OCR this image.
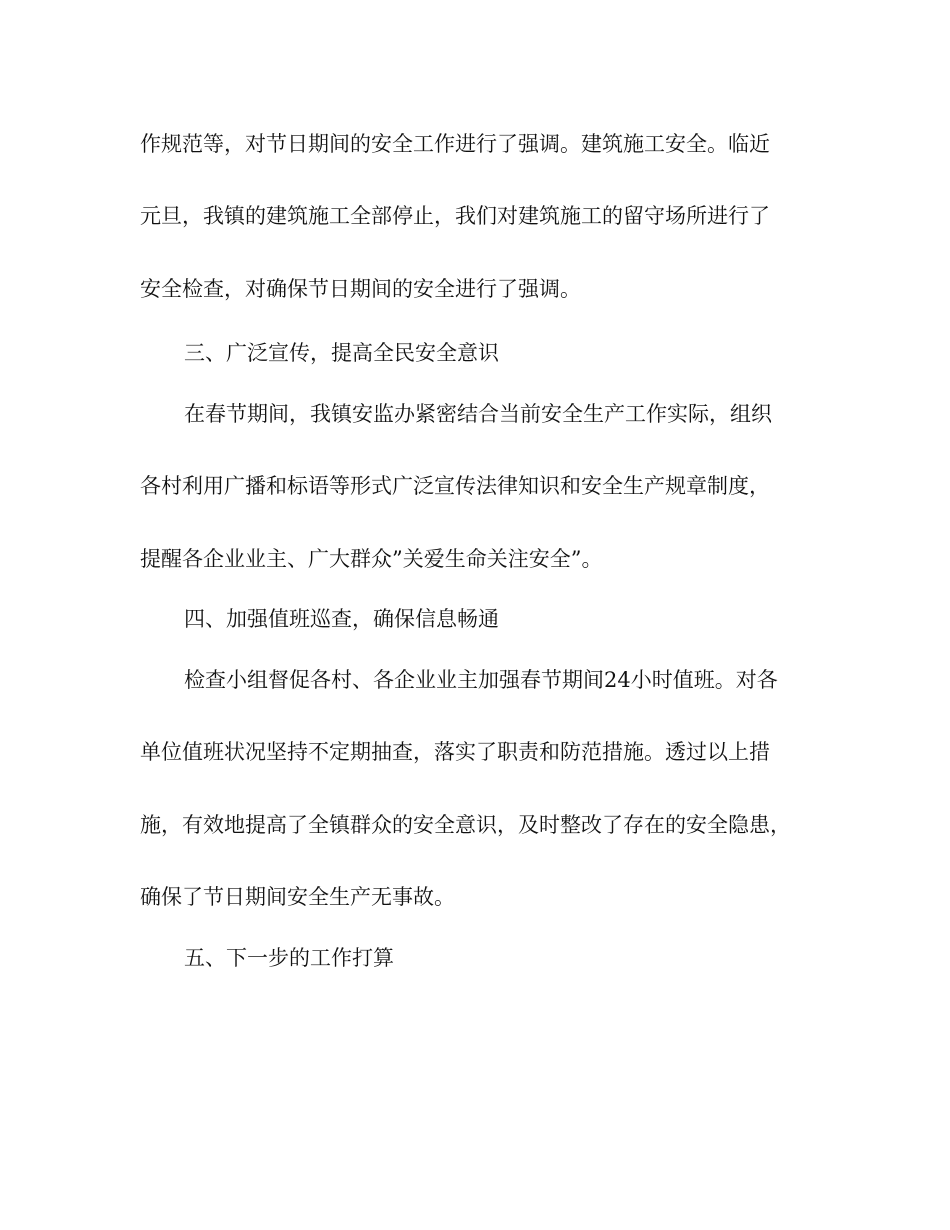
作规范等，对节日期间的安全工作进行了强调。建筑施工安全。临近
元旦，我镇的建筑施工全部停止，我们对建筑施工的留守场所进行了
安全检查，对确保节日期间的安全进行了强调。
三、广泛宣传，提高全民安全意识
在春节期间，我镇安监办紧密结合当前安全生产工作实际，组织
各村利用广播和标语等形式广泛宣传法律知识和安全生产规章制度，
提醒各企业业主、广大群众”关爱生命关注安全”。
四、加强值班巡查，确保信息畅通
检查小组督促各村、各企业业主加强春节期间24小时值班。对各
单位值班状况坚持不定期抽查，落实了职责和防范措施。透过以上措
施，有效地提高了全镇群众的安全意识，及时整改了存在的安全隐患，
确保了节日期间安全生产无事故。
五、下一步的工作打算
